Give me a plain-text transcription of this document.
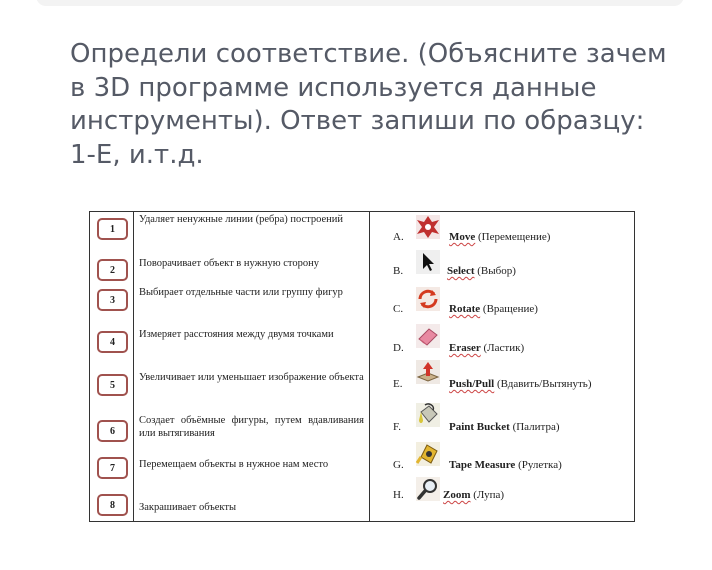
Определи соответствие. (Объясните зачем в 3D программе используется данные инструменты). Ответ запиши по образцу: 1-Е, и.т.д.

1
2
3
4
5
6
7
8
Удаляет ненужные линии (ребра) построений
Поворачивает объект в нужную сторону
Выбирает отдельные части или группу фигур
Измеряет расстояния между двумя точками
Увеличивает или уменьшает изображение объекта
Создает объёмные фигуры, путем вдавливания или вытягивания
Перемещаем объекты в нужное нам место
Закрашивает объекты
A.
B.
C.
D.
E.
F.
G.
H.
Move (Перемещение)
Select (Выбор)
Rotate (Вращение)
Eraser (Ластик)
Push/Pull (Вдавить/Вытянуть)
Paint Bucket (Палитра)
Tape Measure (Рулетка)
Zoom (Лупа)
